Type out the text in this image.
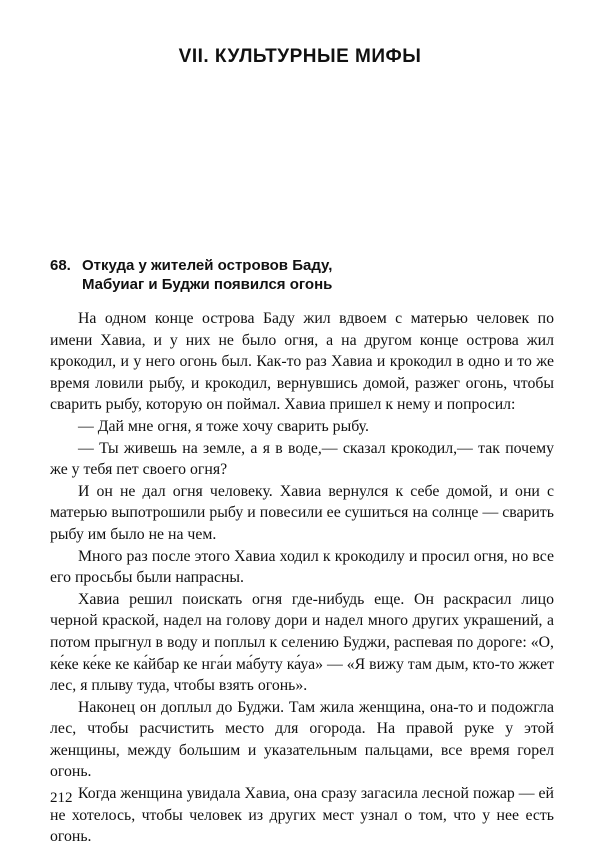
VII. КУЛЬТУРНЫЕ МИФЫ
68. Откуда у жителей островов Баду,
Мабуиаг и Буджи появился огонь

На одном конце острова Баду жил вдвоем с матерью человек по имени Хавиа, и у них не было огня, а на другом конце острова жил крокодил, и у него огонь был. Как-то раз Хавиа и крокодил в одно и то же время ловили рыбу, и крокодил, вернувшись домой, разжег огонь, чтобы сварить рыбу, которую он поймал. Хавиа пришел к нему и попросил:

— Дай мне огня, я тоже хочу сварить рыбу.

— Ты живешь на земле, а я в воде,— сказал крокодил,— так почему же у тебя пет своего огня?

И он не дал огня человеку. Хавиа вернулся к себе домой, и они с матерью выпотрошили рыбу и повесили ее сушиться на солнце — сварить рыбу им было не на чем.

Много раз после этого Хавиа ходил к крокодилу и просил огня, но все его просьбы были напрасны.

Хавиа решил поискать огня где-нибудь еще. Он раскрасил лицо черной краской, надел на голову дори и надел много других украшений, а потом прыгнул в воду и поплыл к селению Буджи, распевая по дороге: «О, ке́ке ке́ке ке ка́йбар ке нга́и ма́буту ка́уа» — «Я вижу там дым, кто-то жжет лес, я плыву туда, чтобы взять огонь».

Наконец он доплыл до Буджи. Там жила женщина, она-то и подожгла лес, чтобы расчистить место для огорода. На правой руке у этой женщины, между большим и указательным пальцами, все время горел огонь.

Когда женщина увидала Хавиа, она сразу загасила лесной пожар — ей не хотелось, чтобы человек из других мест узнал о том, что у нее есть огонь.

212
